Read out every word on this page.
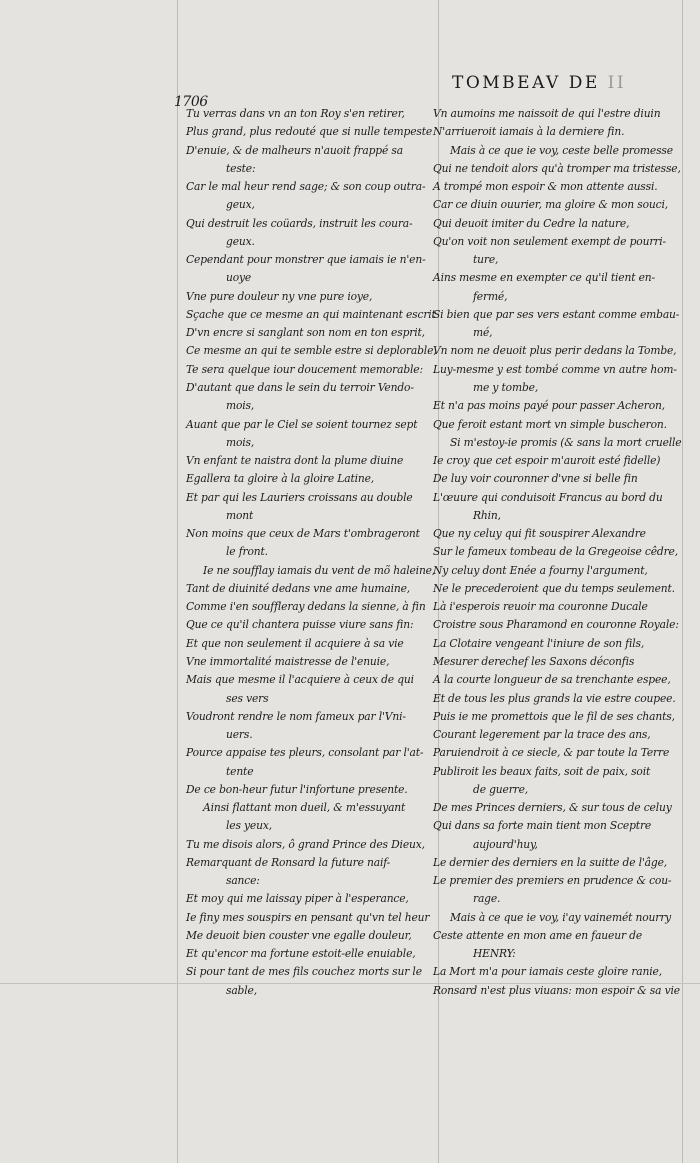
1706
TOMBEAV DE II
Tu verras dans vn an ton Roy s'en retirer,
Plus grand, plus redouté que si nulle tempeste
D'enuie, & de malheurs n'auoit frappé sa
teste:
Car le mal heur rend sage; & son coup outra-
geux,
Qui destruit les coüards, instruit les coura-
geux.
Cependant pour monstrer que iamais ie n'en-
uoye
Vne pure douleur ny vne pure ioye,
Sçache que ce mesme an qui maintenant escrit
D'vn encre si sanglant son nom en ton esprit,
Ce mesme an qui te semble estre si deplorable,
Te sera quelque iour doucement memorable:
D'autant que dans le sein du terroir Vendo-
mois,
Auant que par le Ciel se soient tournez sept
mois,
Vn enfant te naistra dont la plume diuine
Egallera ta gloire à la gloire Latine,
Et par qui les Lauriers croissans au double
mont
Non moins que ceux de Mars t'ombrageront
le front.
Ie ne soufflay iamais du vent de mõ haleine,
Tant de diuinité dedans vne ame humaine,
Comme i'en souffleray dedans la sienne, à fin
Que ce qu'il chantera puisse viure sans fin:
Et que non seulement il acquiere à sa vie
Vne immortalité maistresse de l'enuie,
Mais que mesme il l'acquiere à ceux de qui
ses vers
Voudront rendre le nom fameux par l'Vni-
uers.
Pource appaise tes pleurs, consolant par l'at-
tente
De ce bon-heur futur l'infortune presente.
Ainsi flattant mon dueil, & m'essuyant
les yeux,
Tu me disois alors, ô grand Prince des Dieux,
Remarquant de Ronsard la future naif-
sance:
Et moy qui me laissay piper à l'esperance,
Ie finy mes souspirs en pensant qu'vn tel heur
Me deuoit bien couster vne egalle douleur,
Et qu'encor ma fortune estoit-elle enuiable,
Si pour tant de mes fils couchez morts sur le
sable,
Vn aumoins me naissoit de qui l'estre diuin
N'arriueroit iamais à la derniere fin.
Mais à ce que ie voy, ceste belle promesse
Qui ne tendoit alors qu'à tromper ma tristesse,
A trompé mon espoir & mon attente aussi.
Car ce diuin ouurier, ma gloire & mon souci,
Qui deuoit imiter du Cedre la nature,
Qu'on voit non seulement exempt de pourri-
ture,
Ains mesme en exempter ce qu'il tient en-
fermé,
Si bien que par ses vers estant comme embau-
mé,
Vn nom ne deuoit plus perir dedans la Tombe,
Luy-mesme y est tombé comme vn autre hom-
me y tombe,
Et n'a pas moins payé pour passer Acheron,
Que feroit estant mort vn simple buscheron.
Si m'estoy-ie promis (& sans la mort cruelle
Ie croy que cet espoir m'auroit esté fidelle)
De luy voir couronner d'vne si belle fin
L'œuure qui conduisoit Francus au bord du
Rhin,
Que ny celuy qui fit souspirer Alexandre
Sur le fameux tombeau de la Gregeoise cêdre,
Ny celuy dont Enée a fourny l'argument,
Ne le precederoient que du temps seulement.
Là i'esperois reuoir ma couronne Ducale
Croistre sous Pharamond en couronne Royale:
La Clotaire vengeant l'iniure de son fils,
Mesurer derechef les Saxons déconfis
A la courte longueur de sa trenchante espee,
Et de tous les plus grands la vie estre coupee.
Puis ie me promettois que le fil de ses chants,
Courant legerement par la trace des ans,
Paruiendroit à ce siecle, & par toute la Terre
Publiroit les beaux faits, soit de paix, soit
de guerre,
De mes Princes derniers, & sur tous de celuy
Qui dans sa forte main tient mon Sceptre
aujourd'huy,
Le dernier des derniers en la suitte de l'âge,
Le premier des premiers en prudence & cou-
rage.
Mais à ce que ie voy, i'ay vainemét nourry
Ceste attente en mon ame en faueur de
HENRY:
La Mort m'a pour iamais ceste gloire ranie,
Ronsard n'est plus viuans: mon espoir & sa vie
